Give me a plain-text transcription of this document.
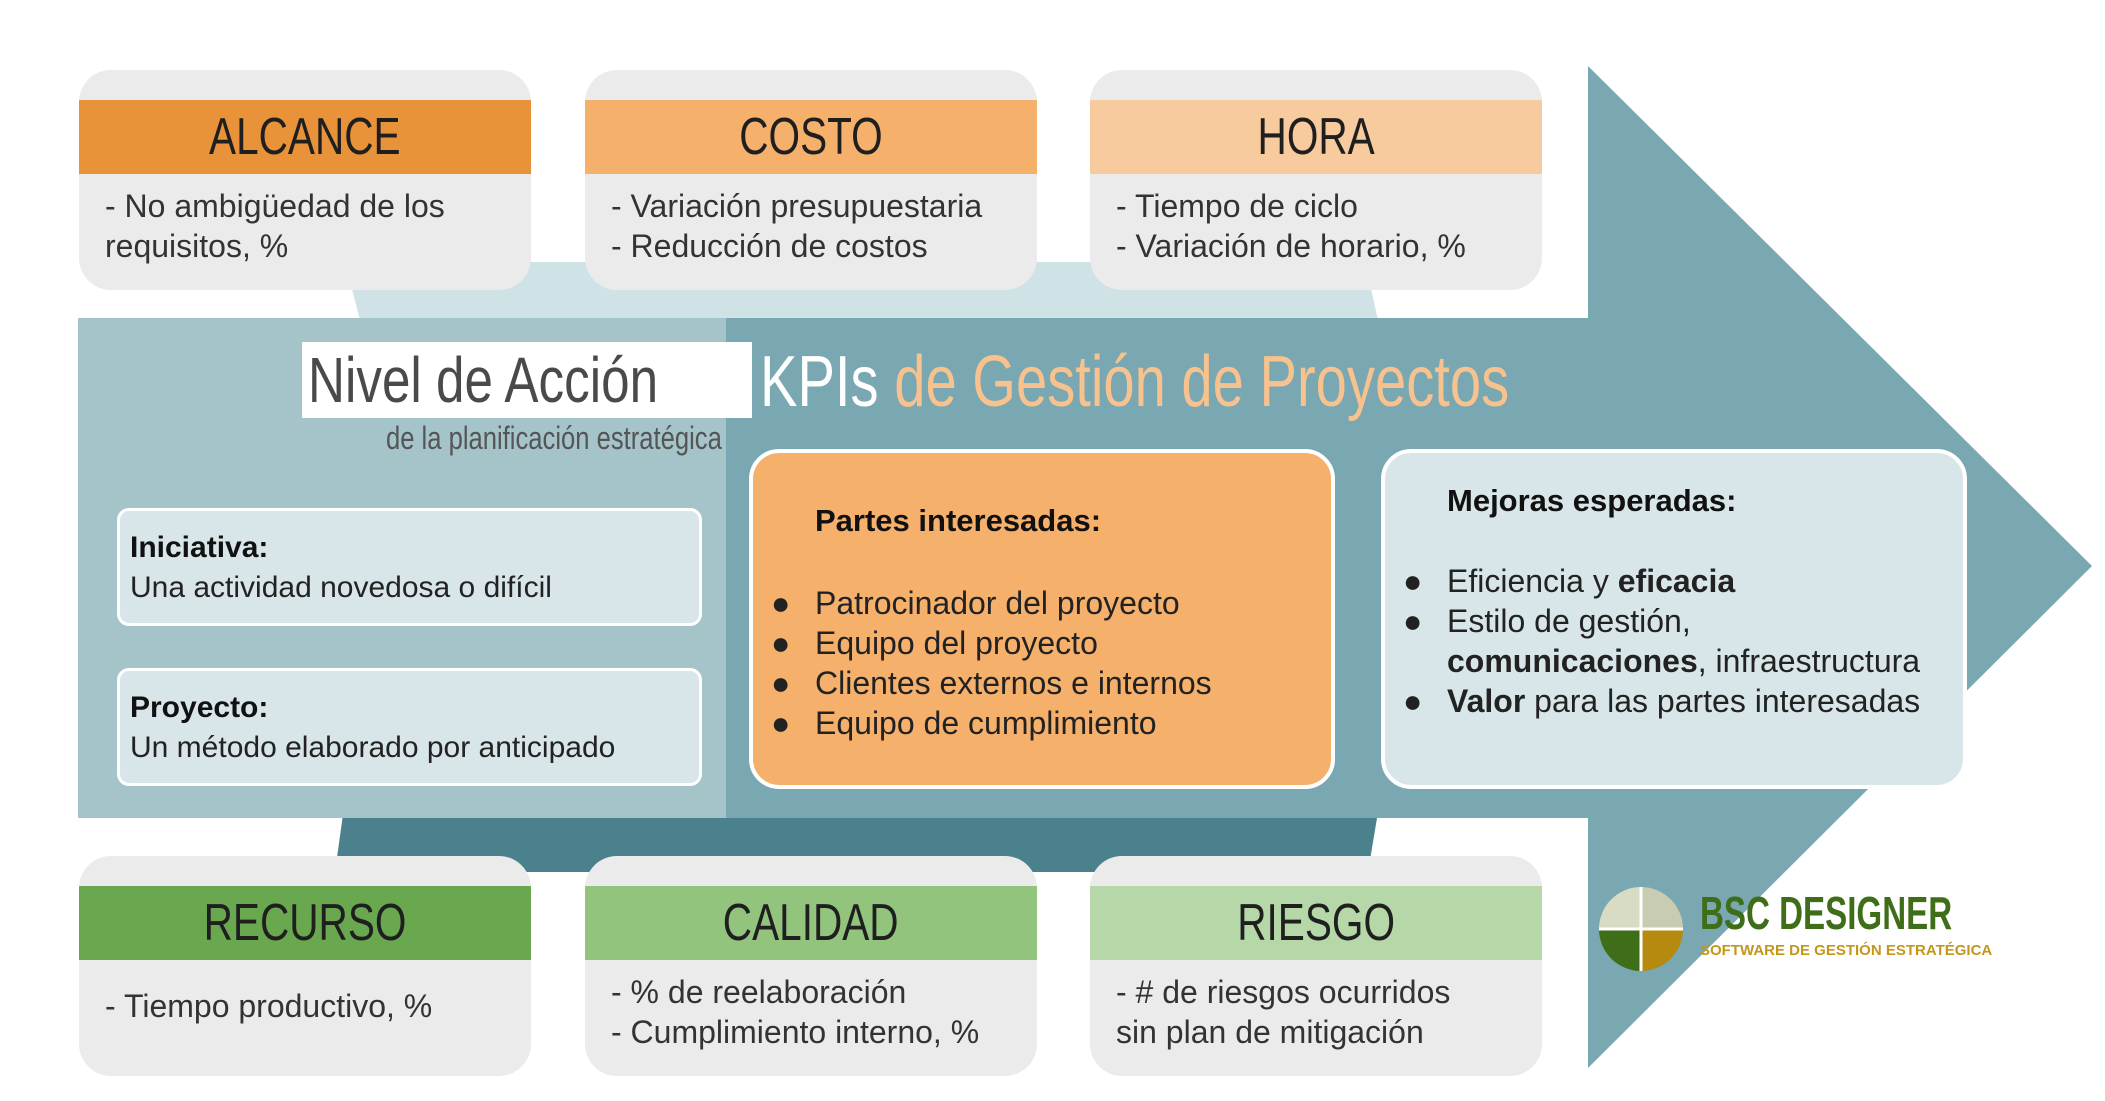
ALCANCE
- No ambigüedad de los
requisitos, %
COSTO
- Variación presupuestaria
- Reducción de costos
HORA
- Tiempo de ciclo
- Variación de horario, %
RECURSO
- Tiempo productivo, %
CALIDAD
- % de reelaboración
- Cumplimiento interno, %
RIESGO
- # de riesgos ocurridos
sin plan de mitigación
Nivel de Acción
de la planificación estratégica
Iniciativa:
Una actividad novedosa o difícil
Proyecto:
Un método elaborado por anticipado
KPIs de Gestión de Proyectos
Partes interesadas:
● Patrocinador del proyecto
● Equipo del proyecto
● Clientes externos e internos
● Equipo de cumplimiento
Mejoras esperadas:
● Eficiencia y eficacia
● Estilo de gestión,
comunicaciones, infraestructura
● Valor para las partes interesadas
BSC DESIGNER
SOFTWARE DE GESTIÓN ESTRATÉGICA
